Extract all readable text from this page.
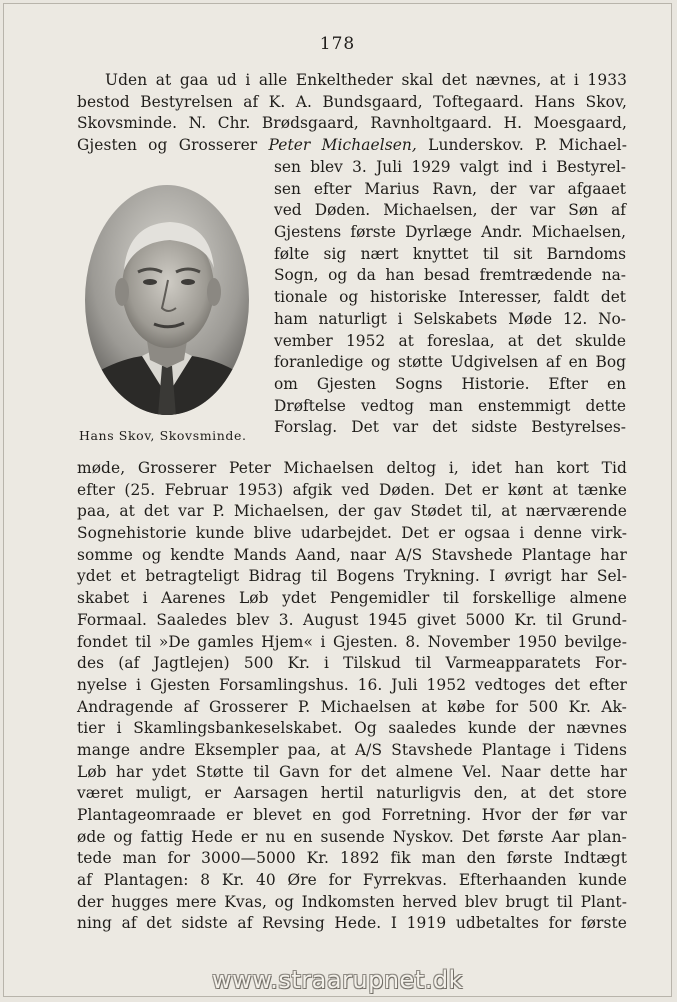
178
Uden at gaa ud i alle Enkeltheder skal det nævnes, at i 1933
bestod Bestyrelsen af K. A. Bundsgaard, Toftegaard. Hans Skov,
Skovsminde. N. Chr. Brødsgaard, Ravnholtgaard. H. Moesgaard,
Gjesten og Grosserer Peter Michaelsen, Lunderskov. P. Michael-
Hans Skov, Skovsminde.
sen blev 3. Juli 1929 valgt ind i Bestyrel-
sen efter Marius Ravn, der var afgaaet
ved Døden. Michaelsen, der var Søn af
Gjestens første Dyrlæge Andr. Michaelsen,
følte sig nært knyttet til sit Barndoms
Sogn, og da han besad fremtrædende na-
tionale og historiske Interesser, faldt det
ham naturligt i Selskabets Møde 12. No-
vember 1952 at foreslaa, at det skulde
foranledige og støtte Udgivelsen af en Bog
om Gjesten Sogns Historie. Efter en
Drøftelse vedtog man enstemmigt dette
Forslag. Det var det sidste Bestyrelses-
møde, Grosserer Peter Michaelsen deltog i, idet han kort Tid
efter (25. Februar 1953) afgik ved Døden. Det er kønt at tænke
paa, at det var P. Michaelsen, der gav Stødet til, at nærværende
Sognehistorie kunde blive udarbejdet. Det er ogsaa i denne virk-
somme og kendte Mands Aand, naar A/S Stavshede Plantage har
ydet et betragteligt Bidrag til Bogens Trykning. I øvrigt har Sel-
skabet i Aarenes Løb ydet Pengemidler til forskellige almene
Formaal. Saaledes blev 3. August 1945 givet 5000 Kr. til Grund-
fondet til »De gamles Hjem« i Gjesten. 8. November 1950 bevilge-
des (af Jagtlejen) 500 Kr. i Tilskud til Varmeapparatets For-
nyelse i Gjesten Forsamlingshus. 16. Juli 1952 vedtoges det efter
Andragende af Grosserer P. Michaelsen at købe for 500 Kr. Ak-
tier i Skamlingsbankeselskabet. Og saaledes kunde der nævnes
mange andre Eksempler paa, at A/S Stavshede Plantage i Tidens
Løb har ydet Støtte til Gavn for det almene Vel. Naar dette har
været muligt, er Aarsagen hertil naturligvis den, at det store
Plantageomraade er blevet en god Forretning. Hvor der før var
øde og fattig Hede er nu en susende Nyskov. Det første Aar plan-
tede man for 3000—5000 Kr. 1892 fik man den første Indtægt
af Plantagen: 8 Kr. 40 Øre for Fyrrekvas. Efterhaanden kunde
der hugges mere Kvas, og Indkomsten herved blev brugt til Plant-
ning af det sidste af Revsing Hede. I 1919 udbetaltes for første
www.straarupnet.dk
